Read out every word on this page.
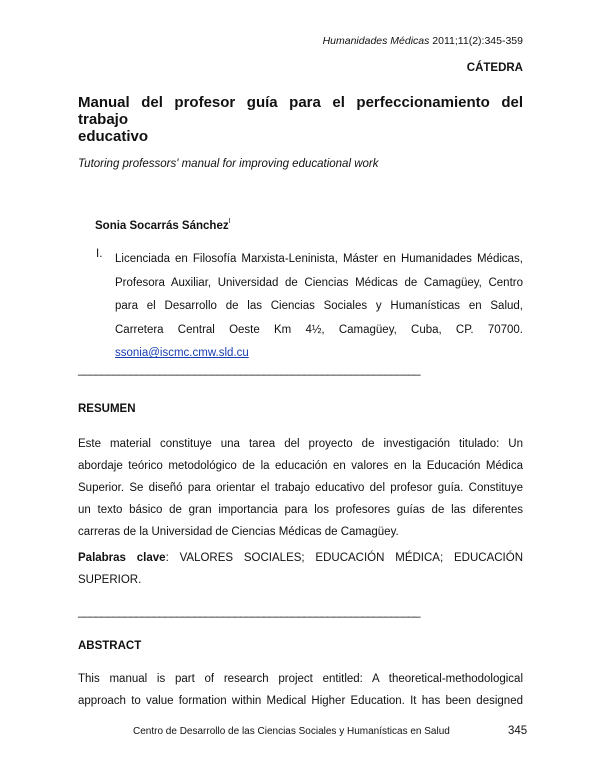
Humanidades Médicas 2011;11(2):345-359
CÁTEDRA
Manual del profesor guía para el perfeccionamiento del trabajo
educativo
Tutoring professors' manual for improving educational work
Sonia Socarrás Sánchez$^I$
I. Licenciada en Filosofía Marxista-Leninista, Máster en Humanidades Médicas,
Profesora Auxiliar, Universidad de Ciencias Médicas de Camagüey, Centro
para el Desarrollo de las Ciencias Sociales y Humanísticas en Salud,
Carretera Central Oeste Km 4½, Camagüey, Cuba, CP. 70700.
ssonia@iscmc.cmw.sld.cu
___________________________________________________________
RESUMEN
Este material constituye una tarea del proyecto de investigación titulado: Un
abordaje teórico metodológico de la educación en valores en la Educación Médica
Superior. Se diseñó para orientar el trabajo educativo del profesor guía. Constituye
un texto básico de gran importancia para los profesores guías de las diferentes
carreras de la Universidad de Ciencias Médicas de Camagüey.
Palabras clave: VALORES SOCIALES; EDUCACIÓN MÉDICA; EDUCACIÓN
SUPERIOR.
___________________________________________________________
ABSTRACT
This manual is part of research project entitled: A theoretical-methodological
approach to value formation within Medical Higher Education. It has been designed
Centro de Desarrollo de las Ciencias Sociales y Humanísticas en Salud	345
